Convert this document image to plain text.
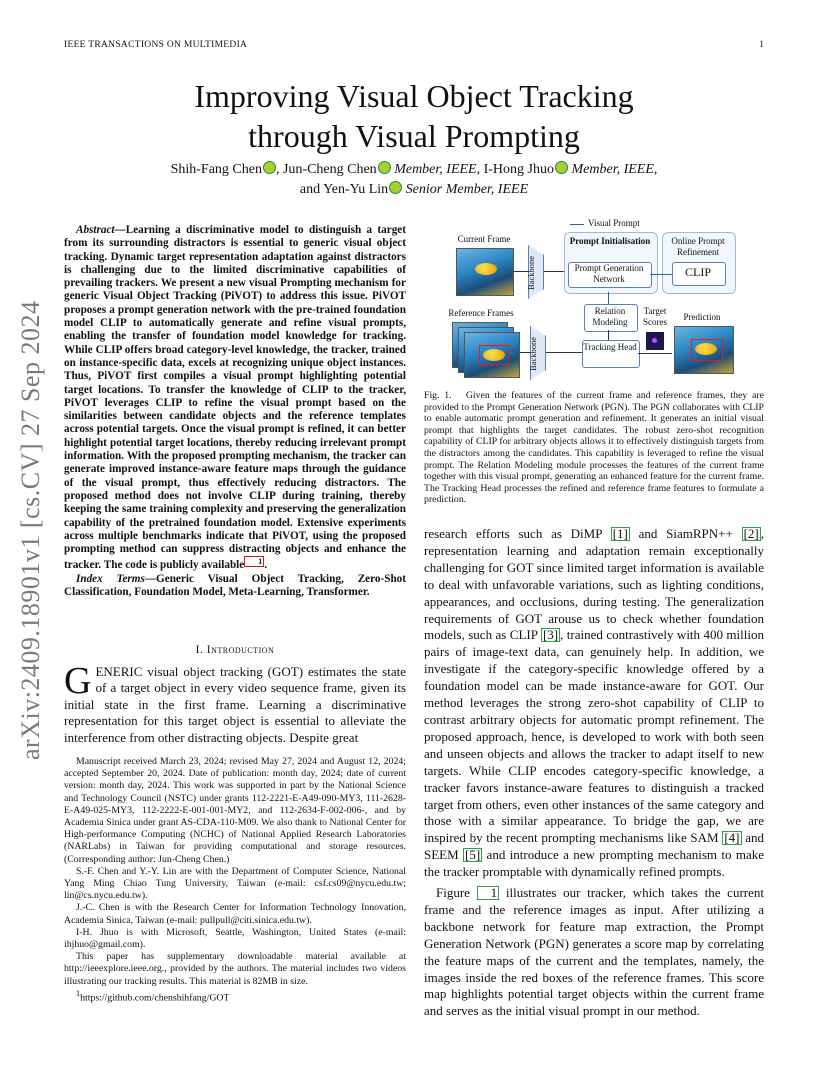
IEEE TRANSACTIONS ON MULTIMEDIA	1
arXiv:2409.18901v1 [cs.CV] 27 Sep 2024
Improving Visual Object Tracking
through Visual Prompting
Shih-Fang Chen , Jun-Cheng Chen Member, IEEE, I-Hong Jhuo Member, IEEE,
and Yen-Yu Lin Senior Member, IEEE
Abstract—Learning a discriminative model to distinguish a target from its surrounding distractors is essential to generic visual object tracking. Dynamic target representation adaptation against distractors is challenging due to the limited discriminative capabilities of prevailing trackers. We present a new visual Prompting mechanism for generic Visual Object Tracking (PiVOT) to address this issue. PiVOT proposes a prompt generation network with the pre-trained foundation model CLIP to automatically generate and refine visual prompts, enabling the transfer of foundation model knowledge for tracking. While CLIP offers broad category-level knowledge, the tracker, trained on instance-specific data, excels at recognizing unique object instances. Thus, PiVOT first compiles a visual prompt highlighting potential target locations. To transfer the knowledge of CLIP to the tracker, PiVOT leverages CLIP to refine the visual prompt based on the similarities between candidate objects and the reference templates across potential targets. Once the visual prompt is refined, it can better highlight potential target locations, thereby reducing irrelevant prompt information. With the proposed prompting mechanism, the tracker can generate improved instance-aware feature maps through the guidance of the visual prompt, thus effectively reducing distractors. The proposed method does not involve CLIP during training, thereby keeping the same training complexity and preserving the generalization capability of the pretrained foundation model. Extensive experiments across multiple benchmarks indicate that PiVOT, using the proposed prompting method can suppress distracting objects and enhance the tracker. The code is publicly available 1 .
Index Terms—Generic Visual Object Tracking, Zero-Shot Classification, Foundation Model, Meta-Learning, Transformer.
I. Introduction
GENERIC visual object tracking (GOT) estimates the state of a target object in every video sequence frame, given its initial state in the first frame. Learning a discriminative representation for this target object is essential to alleviate the interference from other distracting objects. Despite great

Manuscript received March 23, 2024; revised May 27, 2024 and August 12, 2024; accepted September 20, 2024. Date of publication: month day, 2024; date of current version: month day, 2024. This work was supported in part by the National Science and Technology Council (NSTC) under grants 112-2221-E-A49-090-MY3, 111-2628-E-A49-025-MY3, 112-2222-E-001-001-MY2, and 112-2634-F-002-006-, and by Academia Sinica under grant AS-CDA-110-M09. We also thank to National Center for High-performance Computing (NCHC) of National Applied Research Laboratories (NARLabs) in Taiwan for providing computational and storage resources. (Corresponding author: Jun-Cheng Chen.)

S.-F. Chen and Y.-Y. Lin are with the Department of Computer Science, National Yang Ming Chiao Tung University, Taiwan (e-mail: csf.cs09@nycu.edu.tw; lin@cs.nycu.edu.tw).

J.-C. Chen is with the Research Center for Information Technology Innovation, Academia Sinica, Taiwan (e-mail: pullpull@citi.sinica.edu.tw).

I-H. Jhuo is with Microsoft, Seattle, Washington, United States (e-mail: ihjhuo@gmail.com).

This paper has supplementary downloadable material available at http://ieeexplore.ieee.org., provided by the authors. The material includes two videos illustrating our tracking results. This material is 82MB in size.

$^1$https://github.com/chenshihfang/GOT

Visual Prompt
Current Frame
Backbone
Reference Frames
Backbone
Prompt Initialisation
Prompt Generation Network
Online Prompt Refinement
CLIP
Relation Modeling
Tracking Head
Target Scores	Prediction
Fig. 1. Given the features of the current frame and reference frames, they are provided to the Prompt Generation Network (PGN). The PGN collaborates with CLIP to enable automatic prompt generation and refinement. It generates an initial visual prompt that highlights the target candidates. The robust zero-shot recognition capability of CLIP for arbitrary objects allows it to effectively distinguish targets from the distractors among the candidates. This capability is leveraged to refine the visual prompt. The Relation Modeling module processes the features of the current frame together with this visual prompt, generating an enhanced feature for the current frame. The Tracking Head processes the refined and reference frame features to formulate a prediction.

research efforts such as DiMP [1] and SiamRPN++ [2] , representation learning and adaptation remain exceptionally challenging for GOT since limited target information is available to deal with unfavorable variations, such as lighting conditions, appearances, and occlusions, during testing. The generalization requirements of GOT arouse us to check whether foundation models, such as CLIP [3] , trained contrastively with 400 million pairs of image-text data, can genuinely help. In addition, we investigate if the category-specific knowledge offered by a foundation model can be made instance-aware for GOT. Our method leverages the strong zero-shot capability of CLIP to contrast arbitrary objects for automatic prompt refinement. The proposed approach, hence, is developed to work with both seen and unseen objects and allows the tracker to adapt itself to new targets. While CLIP encodes category-specific knowledge, a tracker favors instance-aware features to distinguish a tracked target from others, even other instances of the same category and those with a similar appearance. To bridge the gap, we are inspired by the recent prompting mechanisms like SAM [4] and SEEM [5] and introduce a new prompting mechanism to make the tracker promptable with dynamically refined prompts.

Figure 1 illustrates our tracker, which takes the current frame and the reference images as input. After utilizing a backbone network for feature map extraction, the Prompt Generation Network (PGN) generates a score map by correlating the feature maps of the current and the templates, namely, the images inside the red boxes of the reference frames. This score map highlights potential target objects within the current frame and serves as the initial visual prompt in our method.
